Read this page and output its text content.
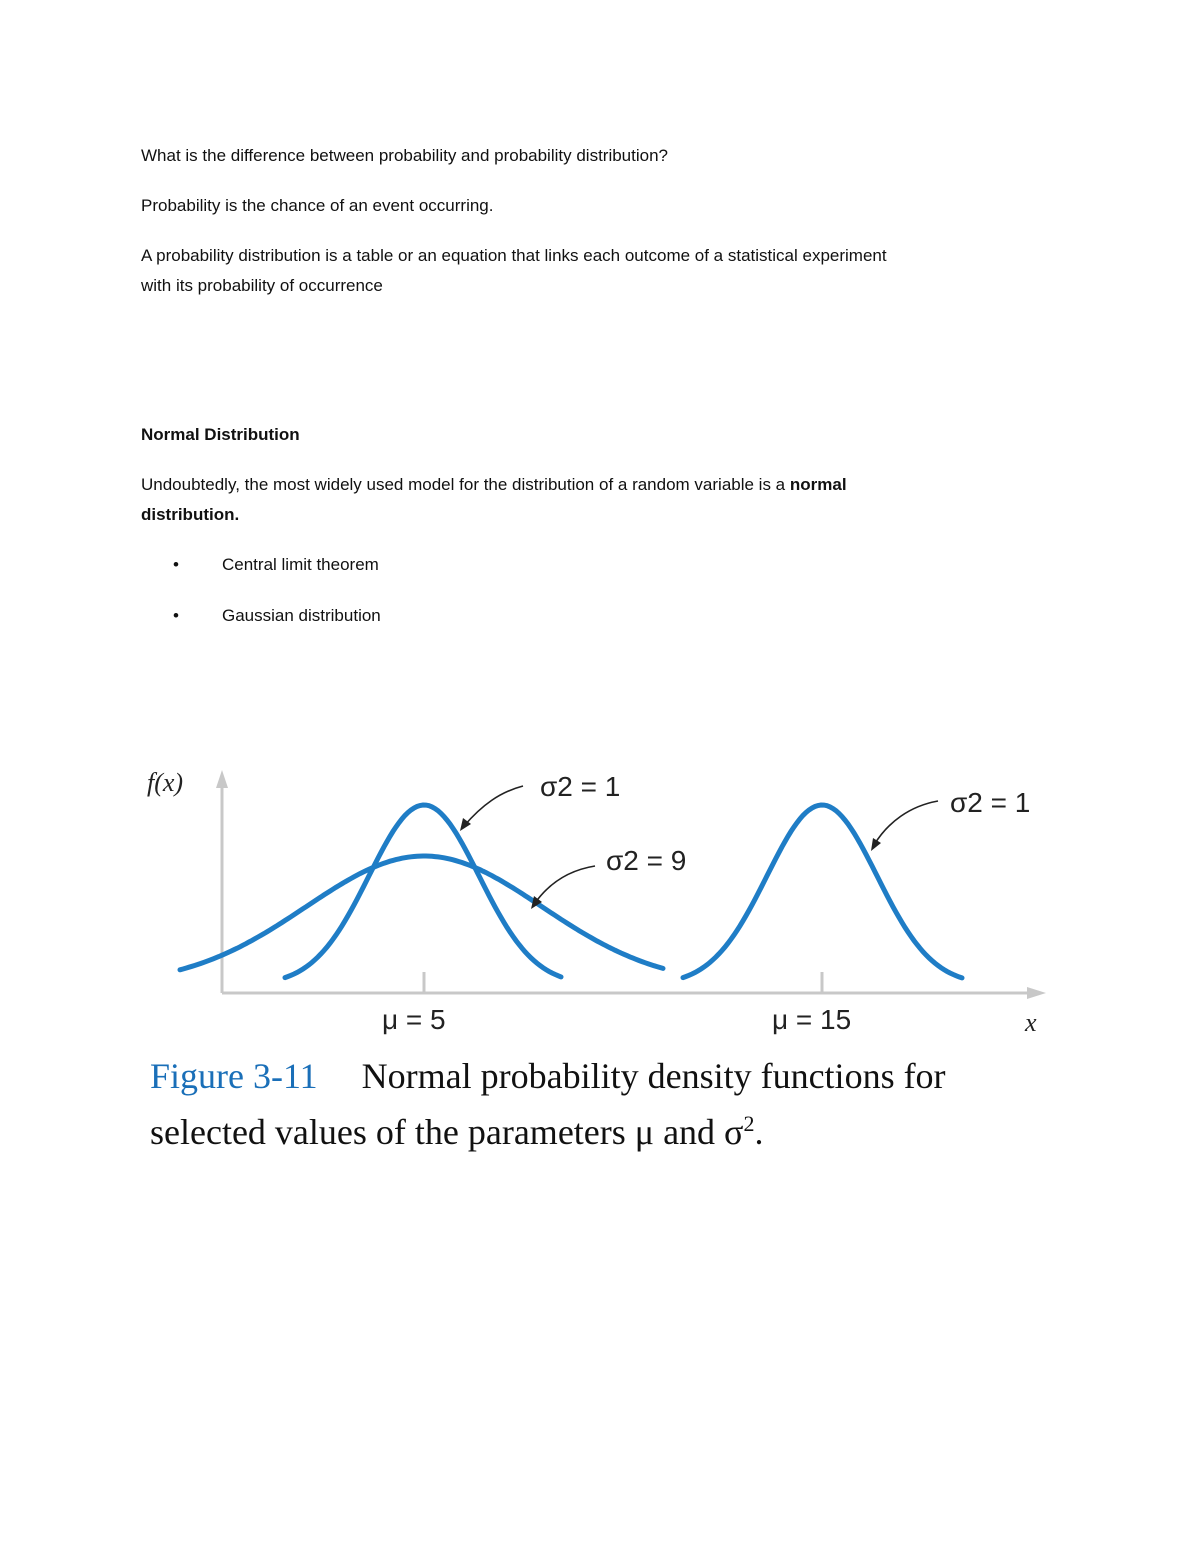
What is the difference between probability and probability distribution?

Probability is the chance of an event occurring.

A probability distribution is a table or an equation that links each outcome of a statistical experiment

with its probability of occurrence

Normal Distribution

Undoubtedly, the most widely used model for the distribution of a random variable is a normal

distribution.

•	Central limit theorem
•	Gaussian distribution
f(x)
x
σ2 = 1
σ2 = 9
σ2 = 1
μ = 5	μ = 15
Figure 3-11 Normal probability density functions for
selected values of the parameters μ and $\sigma^2$.
